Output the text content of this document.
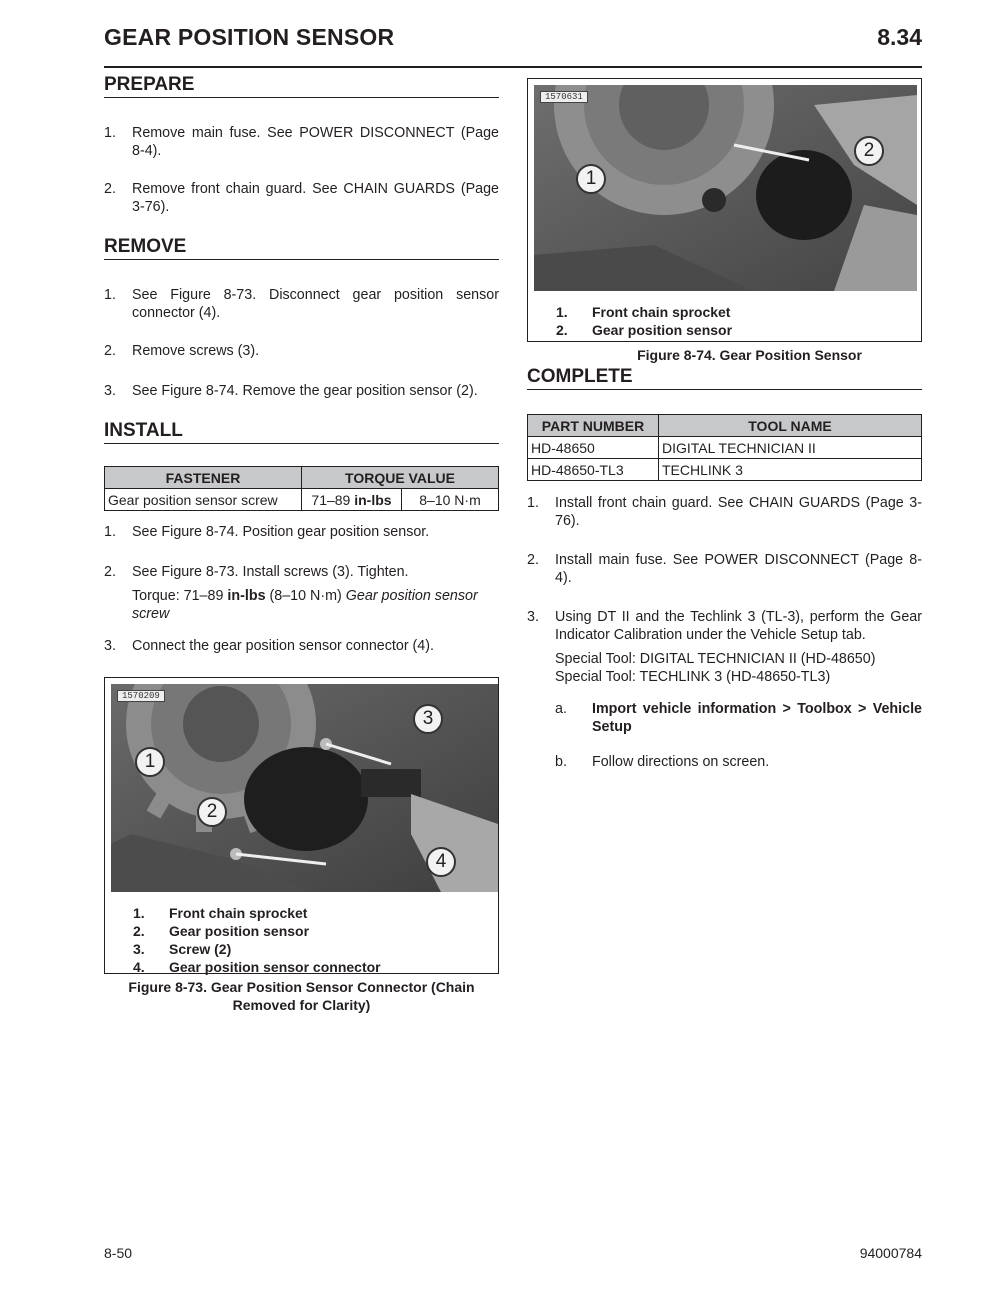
GEAR POSITION SENSOR	8.34
PREPARE
1. Remove main fuse. See POWER DISCONNECT (Page 8-4).
2. Remove front chain guard. See CHAIN GUARDS (Page 3-76).
REMOVE
1. See Figure 8-73. Disconnect gear position sensor connector (4).
2. Remove screws (3).
3. See Figure 8-74. Remove the gear position sensor (2).
INSTALL
FASTENER	TORQUE VALUE	
Gear position sensor screw	71–89 in-lbs	8–10 N·m
1. See Figure 8-74. Position gear position sensor.
2. See Figure 8-73. Install screws (3). Tighten.
Torque: 71–89 in-lbs (8–10 N·m) Gear position sensor screw
3. Connect the gear position sensor connector (4).
1570209
1
2
3
4
1. Front chain sprocket
2. Gear position sensor
3. Screw (2)
4. Gear position sensor connector
Figure 8-73. Gear Position Sensor Connector (Chain Removed for Clarity)
1570631
1
2
1. Front chain sprocket
2. Gear position sensor
Figure 8-74. Gear Position Sensor
COMPLETE
PART NUMBER	TOOL NAME
HD-48650	DIGITAL TECHNICIAN II
HD-48650-TL3	TECHLINK 3
1. Install front chain guard. See CHAIN GUARDS (Page 3-76).
2. Install main fuse. See POWER DISCONNECT (Page 8-4).
3. Using DT II and the Techlink 3 (TL-3), perform the Gear Indicator Calibration under the Vehicle Setup tab.
Special Tool: DIGITAL TECHNICIAN II (HD-48650)
Special Tool: TECHLINK 3 (HD-48650-TL3)
a. Import vehicle information > Toolbox > Vehicle Setup
b. Follow directions on screen.
8-50	94000784
